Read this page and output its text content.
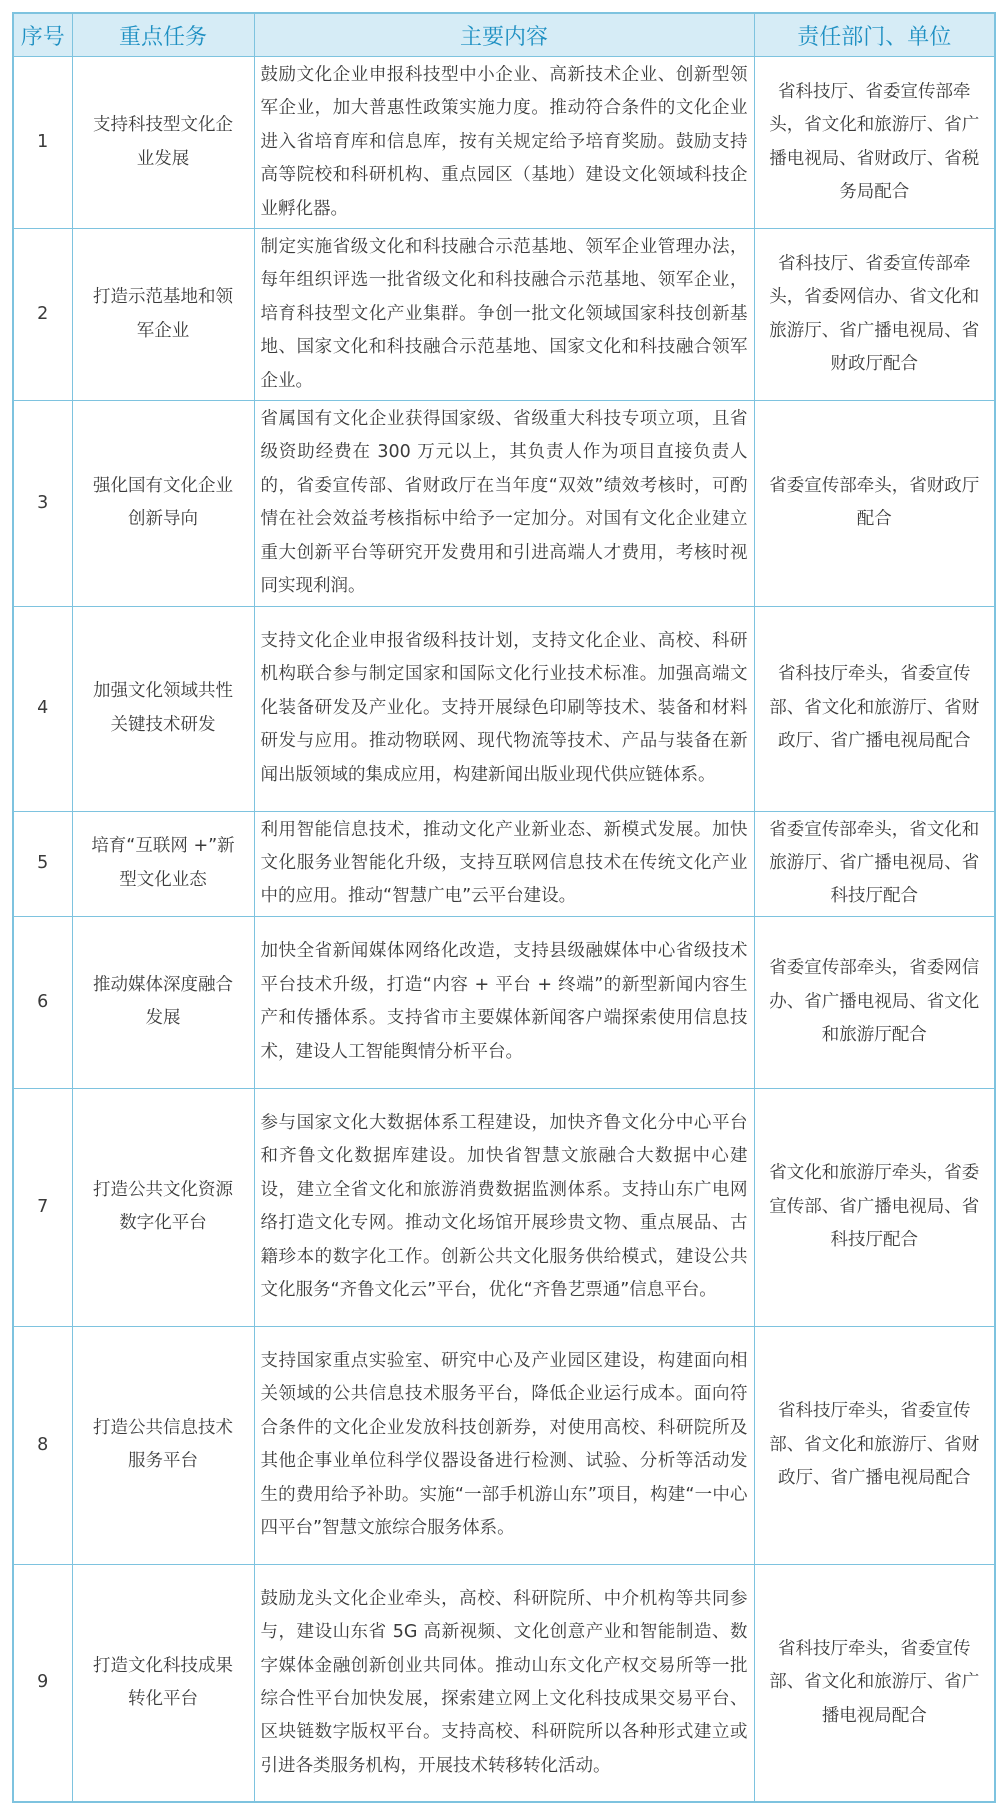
序号	重点任务	主要内容	责任部门、单位
1	支持科技型文化企业发展	鼓励文化企业申报科技型中小企业、高新技术企业、创新型领军企业，加大普惠性政策实施力度。推动符合条件的文化企业进入省培育库和信息库，按有关规定给予培育奖励。鼓励支持高等院校和科研机构、重点园区（基地）建设文化领域科技企业孵化器。	省科技厅、省委宣传部牵头，省文化和旅游厅、省广播电视局、省财政厅、省税务局配合
2	打造示范基地和领军企业	制定实施省级文化和科技融合示范基地、领军企业管理办法，每年组织评选一批省级文化和科技融合示范基地、领军企业，培育科技型文化产业集群。争创一批文化领域国家科技创新基地、国家文化和科技融合示范基地、国家文化和科技融合领军企业。	省科技厅、省委宣传部牵头，省委网信办、省文化和旅游厅、省广播电视局、省财政厅配合
3	强化国有文化企业创新导向	省属国有文化企业获得国家级、省级重大科技专项立项，且省级资助经费在 300 万元以上，其负责人作为项目直接负责人的，省委宣传部、省财政厅在当年度“双效”绩效考核时，可酌情在社会效益考核指标中给予一定加分。对国有文化企业建立重大创新平台等研究开发费用和引进高端人才费用，考核时视同实现利润。	省委宣传部牵头，省财政厅配合
4	加强文化领域共性关键技术研发	支持文化企业申报省级科技计划，支持文化企业、高校、科研机构联合参与制定国家和国际文化行业技术标准。加强高端文化装备研发及产业化。支持开展绿色印刷等技术、装备和材料研发与应用。推动物联网、现代物流等技术、产品与装备在新闻出版领域的集成应用，构建新闻出版业现代供应链体系。	省科技厅牵头，省委宣传部、省文化和旅游厅、省财政厅、省广播电视局配合
5	培育“互联网 +”新型文化业态	利用智能信息技术，推动文化产业新业态、新模式发展。加快文化服务业智能化升级，支持互联网信息技术在传统文化产业中的应用。推动“智慧广电”云平台建设。	省委宣传部牵头，省文化和旅游厅、省广播电视局、省科技厅配合
6	推动媒体深度融合发展	加快全省新闻媒体网络化改造，支持县级融媒体中心省级技术平台技术升级，打造“内容 + 平台 + 终端”的新型新闻内容生产和传播体系。支持省市主要媒体新闻客户端探索使用信息技术，建设人工智能舆情分析平台。	省委宣传部牵头，省委网信办、省广播电视局、省文化和旅游厅配合
7	打造公共文化资源数字化平台	参与国家文化大数据体系工程建设，加快齐鲁文化分中心平台和齐鲁文化数据库建设。加快省智慧文旅融合大数据中心建设，建立全省文化和旅游消费数据监测体系。支持山东广电网络打造文化专网。推动文化场馆开展珍贵文物、重点展品、古籍珍本的数字化工作。创新公共文化服务供给模式，建设公共文化服务“齐鲁文化云”平台，优化“齐鲁艺票通”信息平台。	省文化和旅游厅牵头，省委宣传部、省广播电视局、省科技厅配合
8	打造公共信息技术服务平台	支持国家重点实验室、研究中心及产业园区建设，构建面向相关领域的公共信息技术服务平台，降低企业运行成本。面向符合条件的文化企业发放科技创新券，对使用高校、科研院所及其他企事业单位科学仪器设备进行检测、试验、分析等活动发生的费用给予补助。实施“一部手机游山东”项目，构建“一中心四平台”智慧文旅综合服务体系。	省科技厅牵头，省委宣传部、省文化和旅游厅、省财政厅、省广播电视局配合
9	打造文化科技成果转化平台	鼓励龙头文化企业牵头，高校、科研院所、中介机构等共同参与，建设山东省 5G 高新视频、文化创意产业和智能制造、数字媒体金融创新创业共同体。推动山东文化产权交易所等一批综合性平台加快发展，探索建立网上文化科技成果交易平台、区块链数字版权平台。支持高校、科研院所以各种形式建立或引进各类服务机构，开展技术转移转化活动。	省科技厅牵头，省委宣传部、省文化和旅游厅、省广播电视局配合
